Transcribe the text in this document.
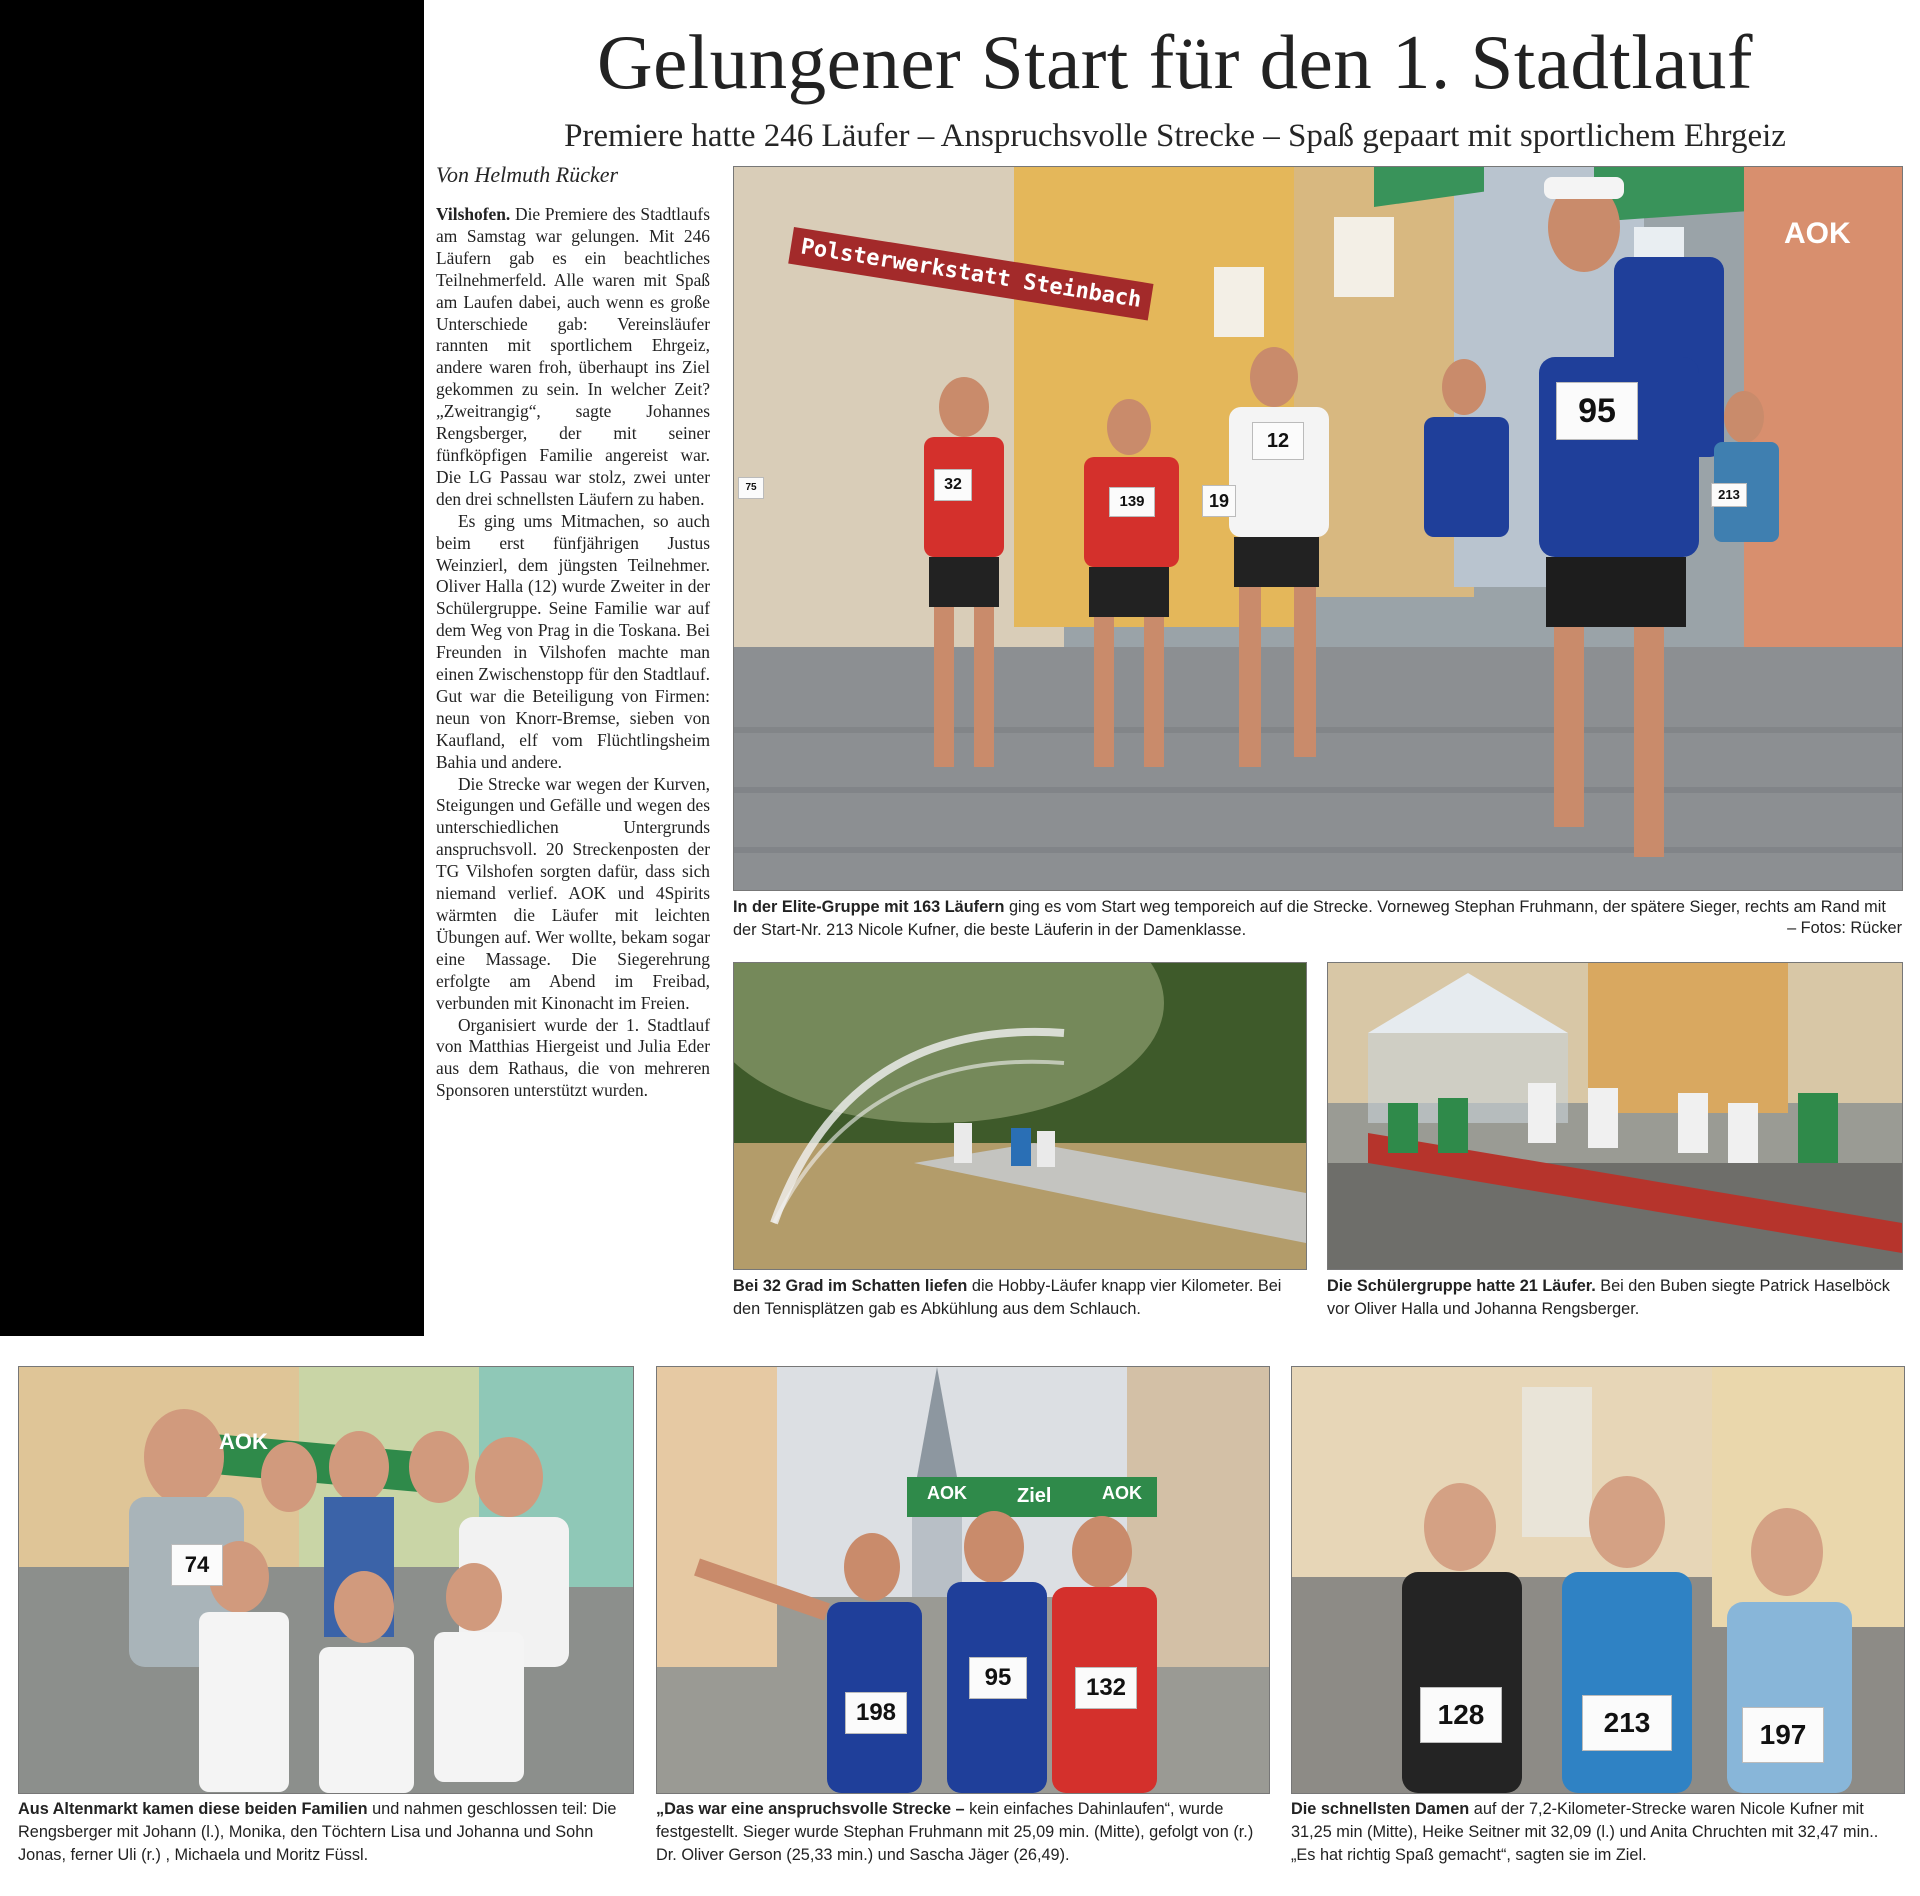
Gelungener Start für den 1. Stadtlauf
Premiere hatte 246 Läufer – Anspruchsvolle Strecke – Spaß gepaart mit sportlichem Ehrgeiz
Von Helmuth Rücker

Vilshofen. Die Premiere des Stadtlaufs am Samstag war gelungen. Mit 246 Läufern gab es ein beachtliches Teilnehmerfeld. Alle waren mit Spaß am Laufen dabei, auch wenn es große Unterschiede gab: Vereinsläufer rannten mit sportlichem Ehrgeiz, andere waren froh, überhaupt ins Ziel gekommen zu sein. In welcher Zeit? „Zweitrangig“, sagte Johannes Rengsberger, der mit seiner fünfköpfigen Familie angereist war. Die LG Passau war stolz, zwei unter den drei schnellsten Läufern zu haben.

Es ging ums Mitmachen, so auch beim erst fünfjährigen Justus Weinzierl, dem jüngsten Teilnehmer. Oliver Halla (12) wurde Zweiter in der Schülergruppe. Seine Familie war auf dem Weg von Prag in die Toskana. Bei Freunden in Vilshofen machte man einen Zwischenstopp für den Stadtlauf. Gut war die Beteiligung von Firmen: neun von Knorr-Bremse, sieben von Kaufland, elf vom Flüchtlingsheim Bahia und andere.

Die Strecke war wegen der Kurven, Steigungen und Gefälle und wegen des unterschiedlichen Untergrunds anspruchsvoll. 20 Streckenposten der TG Vilshofen sorgten dafür, dass sich niemand verlief. AOK und 4Spirits wärmten die Läufer mit leichten Übungen auf. Wer wollte, bekam sogar eine Massage. Die Siegerehrung erfolgte am Abend im Freibad, verbunden mit Kinonacht im Freien.

Organisiert wurde der 1. Stadtlauf von Matthias Hiergeist und Julia Eder aus dem Rathaus, die von mehreren Sponsoren unterstützt wurden.

Polsterwerkstatt Steinbach
AOK
95
12
139	19	213
32
75
In der Elite-Gruppe mit 163 Läufern ging es vom Start weg temporeich auf die Strecke. Vorneweg Stephan Fruhmann, der spätere Sieger, rechts am Rand mit der Start-Nr. 213 Nicole Kufner, die beste Läuferin in der Damenklasse.	– Fotos: Rücker
Bei 32 Grad im Schatten liefen die Hobby-Läufer knapp vier Kilometer. Bei den Tennisplätzen gab es Abkühlung aus dem Schlauch.
Die Schülergruppe hatte 21 Läufer. Bei den Buben siegte Patrick Haselböck vor Oliver Halla und Johanna Rengsberger.
AOK
74
Aus Altenmarkt kamen diese beiden Familien und nahmen geschlossen teil: Die Rengsberger mit Johann (l.), Monika, den Töchtern Lisa und Johanna und Sohn Jonas, ferner Uli (r.) , Michaela und Moritz Füssl.
AOK	Ziel	AOK
198
95	132
„Das war eine anspruchsvolle Strecke – kein einfaches Dahinlaufen“, wurde festgestellt. Sieger wurde Stephan Fruhmann mit 25,09 min. (Mitte), gefolgt von (r.) Dr. Oliver Gerson (25,33 min.) und Sascha Jäger (26,49).
128	213	197
Die schnellsten Damen auf der 7,2-Kilometer-Strecke waren Nicole Kufner mit 31,25 min (Mitte), Heike Seitner mit 32,09 (l.) und Anita Chruchten mit 32,47 min.. „Es hat richtig Spaß gemacht“, sagten sie im Ziel.
